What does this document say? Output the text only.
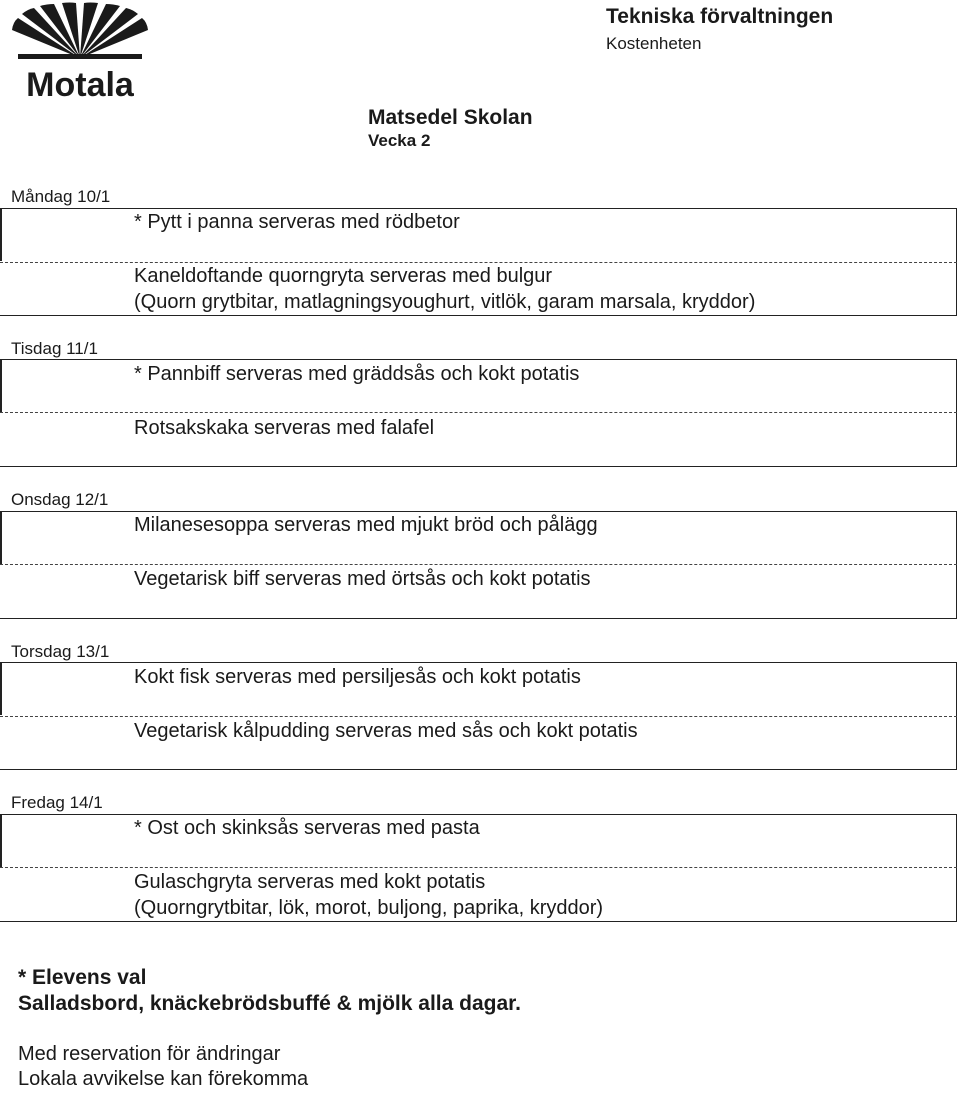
Motala
Tekniska förvaltningen
Kostenheten
Matsedel Skolan
Vecka 2
Måndag 10/1
* Pytt i panna serveras med rödbetor
Kaneldoftande quorngryta serveras med bulgur
(Quorn grytbitar, matlagningsyoughurt, vitlök, garam marsala, kryddor)
Tisdag 11/1
* Pannbiff serveras med gräddsås och kokt potatis
Rotsakskaka serveras med falafel
Onsdag 12/1
Milanesesoppa serveras med mjukt bröd och pålägg
Vegetarisk biff serveras med örtsås och kokt potatis
Torsdag 13/1
Kokt fisk serveras med persiljesås och kokt potatis
Vegetarisk kålpudding serveras med sås och kokt potatis
Fredag 14/1
* Ost och skinksås serveras med pasta
Gulaschgryta serveras med kokt potatis
(Quorngrytbitar, lök, morot, buljong, paprika, kryddor)
* Elevens val
Salladsbord, knäckebrödsbuffé & mjölk alla dagar.
Med reservation för ändringar
Lokala avvikelse kan förekomma
